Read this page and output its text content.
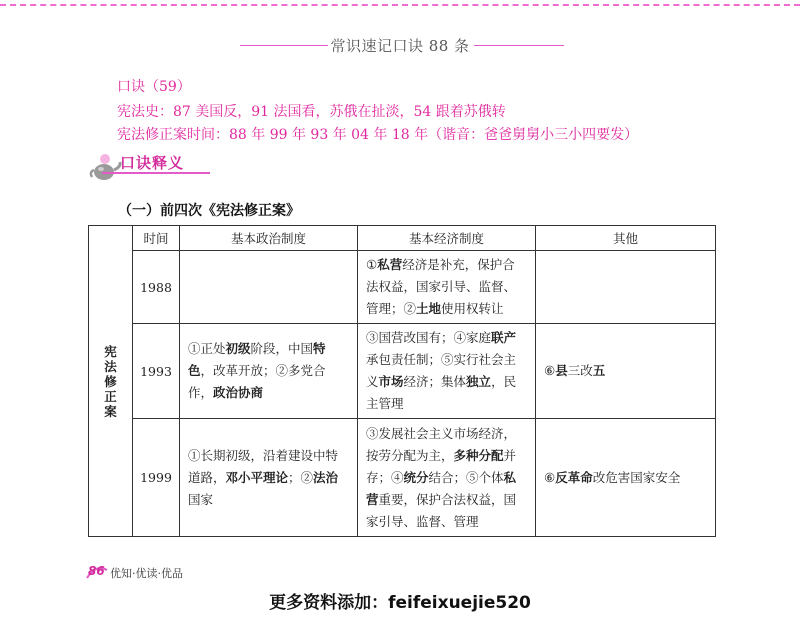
常识速记口诀 88 条
口诀（59）
宪法史：87 美国反，91 法国看，苏俄在扯淡，54 跟着苏俄转
宪法修正案时间：88 年 99 年 93 年 04 年 18 年（谐音：爸爸舅舅小三小四要发）
口诀释义
（一）前四次《宪法修正案》
宪
法
修
正
案	时间	基本政治制度	基本经济制度	其他
	1988		①私营经济是补充，保护合法权益，国家引导、监督、管理；②土地使用权转让	
	1993	①正处初级阶段，中国特色，改革开放；②多党合作，政治协商	③国营改国有；④家庭联产承包责任制；⑤实行社会主义市场经济；集体独立，民主管理	⑥县三改五
	1999	①长期初级，沿着建设中特道路，邓小平理论；②法治国家	③发展社会主义市场经济，按劳分配为主，多种分配并存；④统分结合；⑤个体私营重要，保护合法权益，国家引导、监督、管理	⑥反革命改危害国家安全
86 优知·优读·优品
更多资料添加：feifeixuejie520
